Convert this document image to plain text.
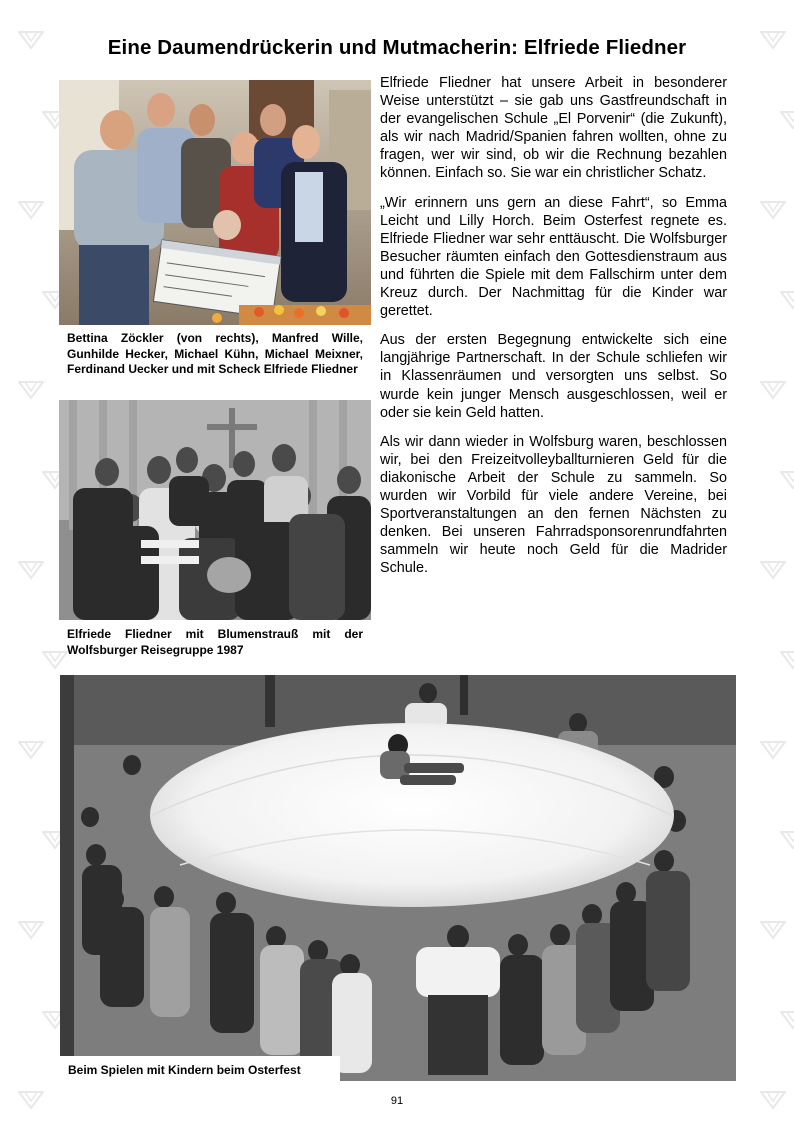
Eine Daumendrückerin und Mutmacherin: Elfriede Fliedner
Bettina Zöckler (von rechts), Manfred Wille, Gunhilde Hecker, Michael Kühn, Michael Meixner, Ferdinand Uecker und mit Scheck Elfriede Fliedner
Elfriede Fliedner mit Blumenstrauß mit der Wolfsburger Reisegruppe 1987

Elfriede Fliedner hat unsere Arbeit in besonderer Weise unterstützt – sie gab uns Gastfreundschaft in der evangelischen Schule „El Porvenir“ (die Zukunft), als wir nach Madrid/Spanien fahren wollten, ohne zu fragen, wer wir sind, ob wir die Rechnung bezahlen können. Einfach so. Sie war ein christlicher Schatz.

„Wir erinnern uns gern an diese Fahrt“, so Emma Leicht und Lilly Horch. Beim Osterfest regnete es. Elfriede Fliedner war sehr enttäuscht. Die Wolfsburger Besucher räumten einfach den Gottesdienstraum aus und führten die Spiele mit dem Fallschirm unter dem Kreuz durch. Der Nachmittag für die Kinder war gerettet.

Aus der ersten Begegnung entwickelte sich eine langjährige Partnerschaft. In der Schule schliefen wir in Klassenräumen und versorgten uns selbst. So wurde kein junger Mensch ausgeschlossen, weil er oder sie kein Geld hatten.

Als wir dann wieder in Wolfsburg waren, beschlossen wir, bei den Freizeitvolleyballturnieren Geld für die diakonische Arbeit der Schule zu sammeln. So wurden wir Vorbild für viele andere Vereine, bei Sportveranstaltungen an den fernen Nächsten zu denken. Bei unseren Fahrradsponsorenrundfahrten sammeln wir heute noch Geld für die Madrider Schule.

Beim Spielen mit Kindern beim Osterfest
91
